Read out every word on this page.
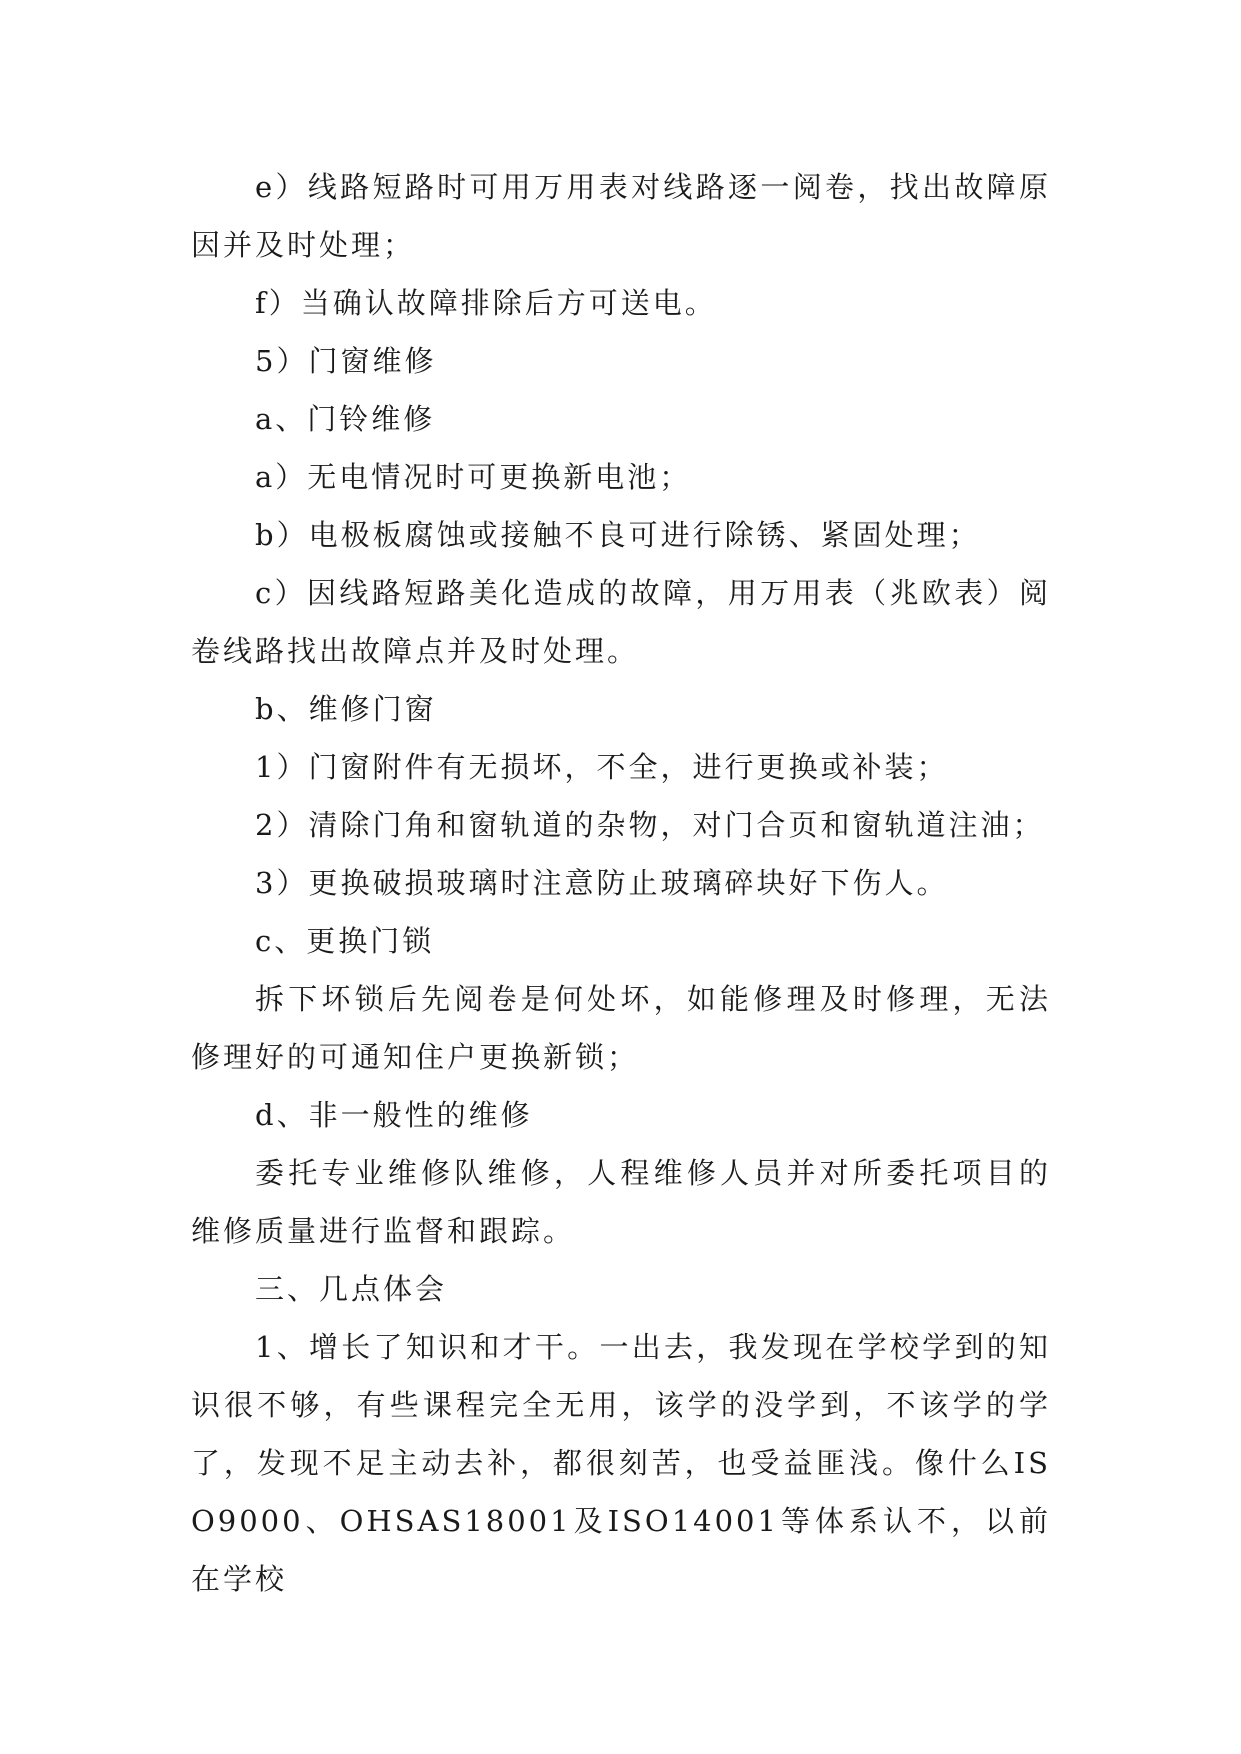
e）线路短路时可用万用表对线路逐一阅卷，找出故障原因并及时处理；

f）当确认故障排除后方可送电。

5）门窗维修

a、门铃维修

a）无电情况时可更换新电池；

b）电极板腐蚀或接触不良可进行除锈、紧固处理；

c）因线路短路美化造成的故障，用万用表（兆欧表）阅卷线路找出故障点并及时处理。

b、维修门窗

1）门窗附件有无损坏，不全，进行更换或补装；

2）清除门角和窗轨道的杂物，对门合页和窗轨道注油；

3）更换破损玻璃时注意防止玻璃碎块好下伤人。

c、更换门锁

拆下坏锁后先阅卷是何处坏，如能修理及时修理，无法修理好的可通知住户更换新锁；

d、非一般性的维修

委托专业维修队维修，人程维修人员并对所委托项目的维修质量进行监督和跟踪。

三、几点体会

1、增长了知识和才干。一出去，我发现在学校学到的知识很不够，有些课程完全无用，该学的没学到，不该学的学了，发现不足主动去补，都很刻苦，也受益匪浅。像什么ISO9000、OHSAS18001及ISO14001等体系认不，以前在学校
